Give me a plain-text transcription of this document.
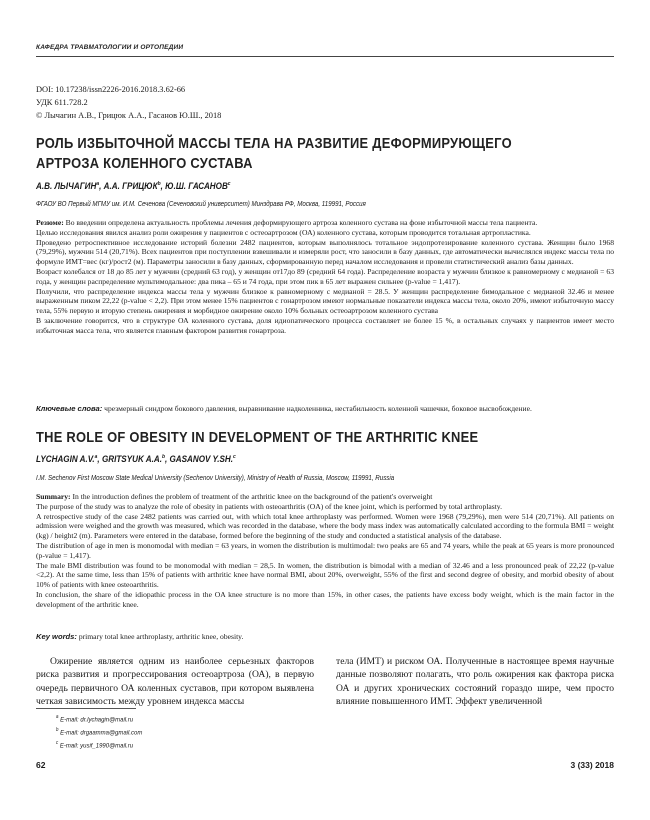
КАФЕДРА ТРАВМАТОЛОГИИ И ОРТОПЕДИИ
DOI: 10.17238/issn2226-2016.2018.3.62-66
УДК 611.728.2
© Лычагин А.В., Грицюк А.А., Гасанов Ю.Ш., 2018
РОЛЬ ИЗБЫТОЧНОЙ МАССЫ ТЕЛА НА РАЗВИТИЕ ДЕФОРМИРУЮЩЕГО АРТРОЗА КОЛЕННОГО СУСТАВА
А.В. ЛЫЧАГИН$^a$, А.А. ГРИЦЮК$^b$, Ю.Ш. ГАСАНОВ$^c$
ФГАОУ ВО Первый МГМУ им. И.М. Сеченова (Сеченовский университет) Минздрава РФ, Москва, 119991, Россия

Резюме: Во введении определена актуальность проблемы лечения деформирующего артроза коленного сустава на фоне избыточной массы тела пациента.

Целью исследования явился анализ роли ожирения у пациентов с остеоартрозом (ОА) коленного сустава, которым проводится тотальная артропластика.

Проведено ретроспективное исследование историй болезни 2482 пациентов, которым выполнялось тотальное эндопротезирование коленного сустава. Женщин было 1968 (79,29%), мужчин 514 (20,71%). Всех пациентов при поступлении взвешивали и измеряли рост, что заносили в базу данных, где автоматически вычислялся индекс массы тела по формуле ИМТ=вес (кг)/рост2 (м). Параметры заносили в базу данных, сформированную перед началом исследования и провели статистический анализ базы данных.

Возраст колебался от 18 до 85 лет у мужчин (средний 63 год), у женщин от17до 89 (средний 64 года). Распределение возраста у мужчин близкое к равномерному с медианой = 63 года, у женщин распределение мультимодальное: два пика – 65 и 74 года, при этом пик в 65 лет выражен сильнее (p-value = 1,417).

Получили, что распределение индекса массы тела у мужчин близкое к равномерному с медианой = 28.5. У женщин распределение бимодальное с медианой 32.46 и менее выраженным пиком 22,22 (p-value < 2,2). При этом менее 15% пациентов с гонартрозом имеют нормальные показатели индекса массы тела, около 20%, имеют избыточную массу тела, 55% первую и вторую степень ожирения и морбидное ожирение около 10% больных остеоартрозом коленного сустава

В заключение говорится, что в структуре ОА коленного сустава, доля идиопатического процесса составляет не более 15 %, в остальных случаях у пациентов имеет место избыточная масса тела, что является главным фактором развития гонартроза.

Ключевые слова: чрезмерный синдром бокового давления, выравнивание надколенника, нестабильность коленной чашечки, боковое высвобождение.
THE ROLE OF OBESITY IN DEVELOPMENT OF THE ARTHRITIC KNEE
LYCHAGIN A.V.$^a$, GRITSYUK A.A.$^b$, GASANOV Y.SH.$^c$
I.M. Sechenov First Moscow State Medical University (Sechenov University), Ministry of Health of Russia, Moscow, 119991, Russia

Summary: In the introduction defines the problem of treatment of the arthritic knee on the background of the patient's overweight

The purpose of the study was to analyze the role of obesity in patients with osteoarthritis (OA) of the knee joint, which is performed by total arthroplasty.

A retrospective study of the case 2482 patients was carried out, with which total knee arthroplasty was performed. Women were 1968 (79,29%), men were 514 (20,71%). All patients on admission were weighed and the growth was measured, which was recorded in the database, where the body mass index was automatically calculated according to the formula BMI = weight (kg) / height2 (m). Parameters were entered in the database, formed before the beginning of the study and conducted a statistical analysis of the database.

The distribution of age in men is monomodal with median = 63 years, in women the distribution is multimodal: two peaks are 65 and 74 years, while the peak at 65 years is more pronounced (p-value = 1,417).

The male BMI distribution was found to be monomodal with median = 28,5. In women, the distribution is bimodal with a median of 32.46 and a less pronounced peak of 22,22 (p-value <2,2). At the same time, less than 15% of patients with arthritic knee have normal BMI, about 20%, overweight, 55% of the first and second degree of obesity, and morbid obesity of about 10% of patients with knee osteoarthritis.

In conclusion, the share of the idiopathic process in the OA knee structure is no more than 15%, in other cases, the patients have excess body weight, which is the main factor in the development of the arthritic knee.

Key words: primary total knee arthroplasty, arthritic knee, obesity.
Ожирение является одним из наиболее серьезных факторов риска развития и прогрессирования остеоартроза (ОА), в первую очередь первичного ОА коленных суставов, при котором выявлена четкая зависимость между уровнем индекса массы
тела (ИМТ) и риском ОА. Полученные в настоящее время научные данные позволяют полагать, что роль ожирения как фактора риска ОА и других хронических состояний гораздо шире, чем просто влияние повышенного ИМТ. Эффект увеличенной
$^a$ E-mail: dr.lychagin@mail.ru
$^b$ E-mail: drgaamma@gmail.com
$^c$ E-mail: yusif_1990@mail.ru
62	3 (33) 2018
